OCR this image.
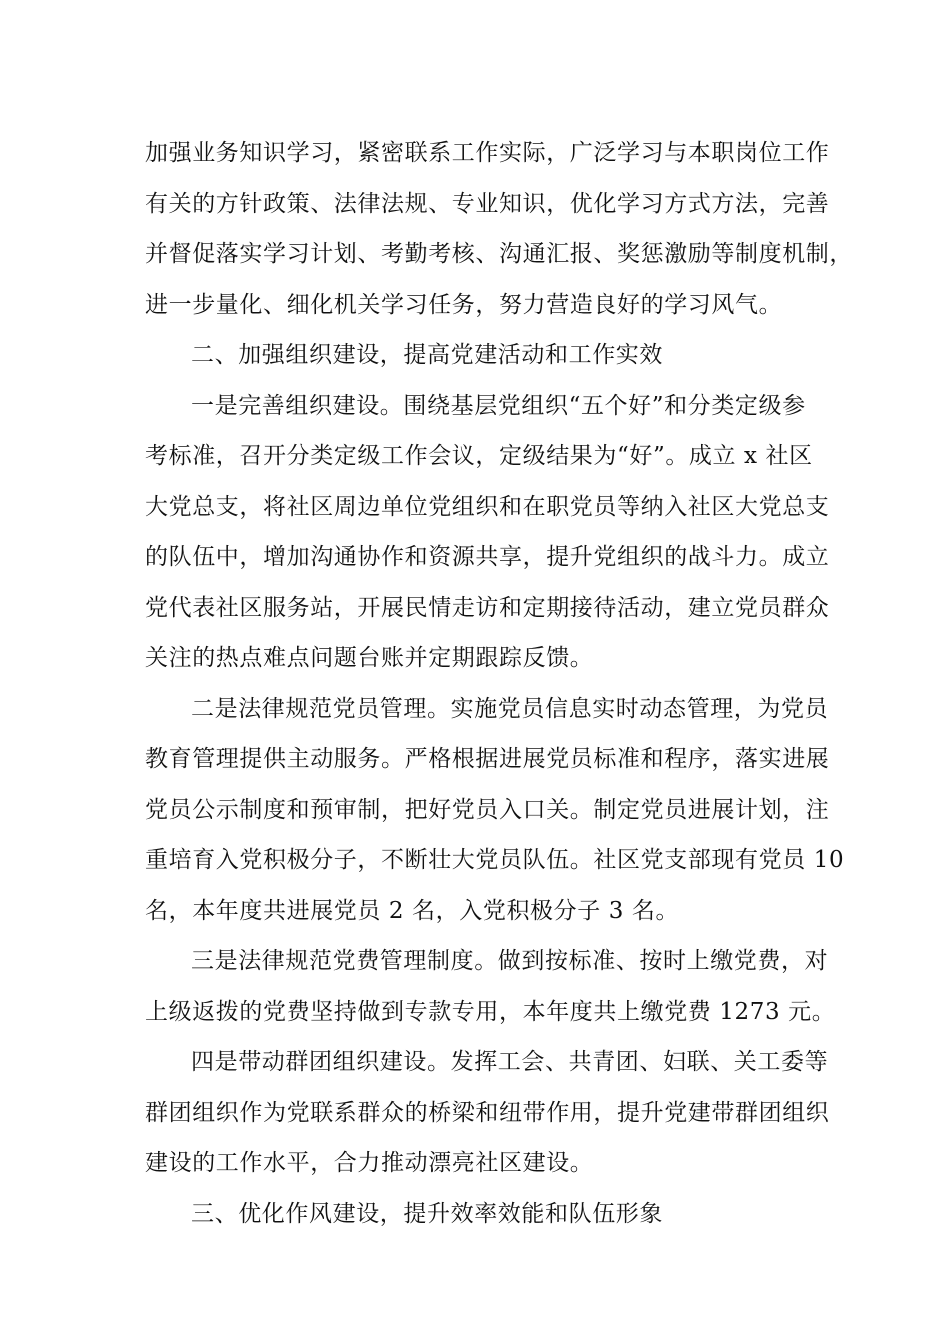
加强业务知识学习，紧密联系工作实际，广泛学习与本职岗位工作
有关的方针政策、法律法规、专业知识，优化学习方式方法，完善
并督促落实学习计划、考勤考核、沟通汇报、奖惩激励等制度机制，
进一步量化、细化机关学习任务，努力营造良好的学习风气。
二、加强组织建设，提高党建活动和工作实效
一是完善组织建设。围绕基层党组织“五个好”和分类定级参
考标准，召开分类定级工作会议，定级结果为“好”。成立 x 社区
大党总支，将社区周边单位党组织和在职党员等纳入社区大党总支
的队伍中，增加沟通协作和资源共享，提升党组织的战斗力。成立
党代表社区服务站，开展民情走访和定期接待活动，建立党员群众
关注的热点难点问题台账并定期跟踪反馈。
二是法律规范党员管理。实施党员信息实时动态管理，为党员
教育管理提供主动服务。严格根据进展党员标准和程序，落实进展
党员公示制度和预审制，把好党员入口关。制定党员进展计划，注
重培育入党积极分子，不断壮大党员队伍。社区党支部现有党员 10
名，本年度共进展党员 2 名，入党积极分子 3 名。
三是法律规范党费管理制度。做到按标准、按时上缴党费，对
上级返拨的党费坚持做到专款专用，本年度共上缴党费 1273 元。
四是带动群团组织建设。发挥工会、共青团、妇联、关工委等
群团组织作为党联系群众的桥梁和纽带作用，提升党建带群团组织
建设的工作水平，合力推动漂亮社区建设。
三、优化作风建设，提升效率效能和队伍形象
